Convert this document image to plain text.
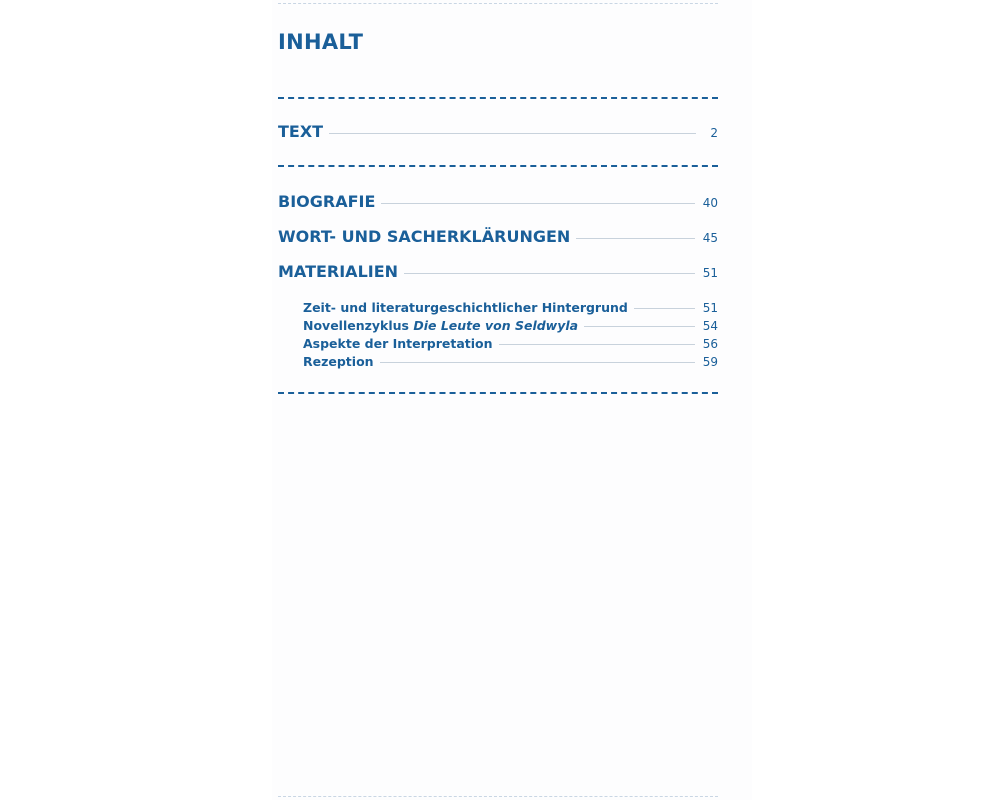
INHALT
TEXT	2
BIOGRAFIE	40
WORT- UND SACHERKLÄRUNGEN	45
MATERIALIEN	51
Zeit- und literaturgeschichtlicher Hintergrund	51
Novellenzyklus Die Leute von Seldwyla	54
Aspekte der Interpretation	56
Rezeption	59
